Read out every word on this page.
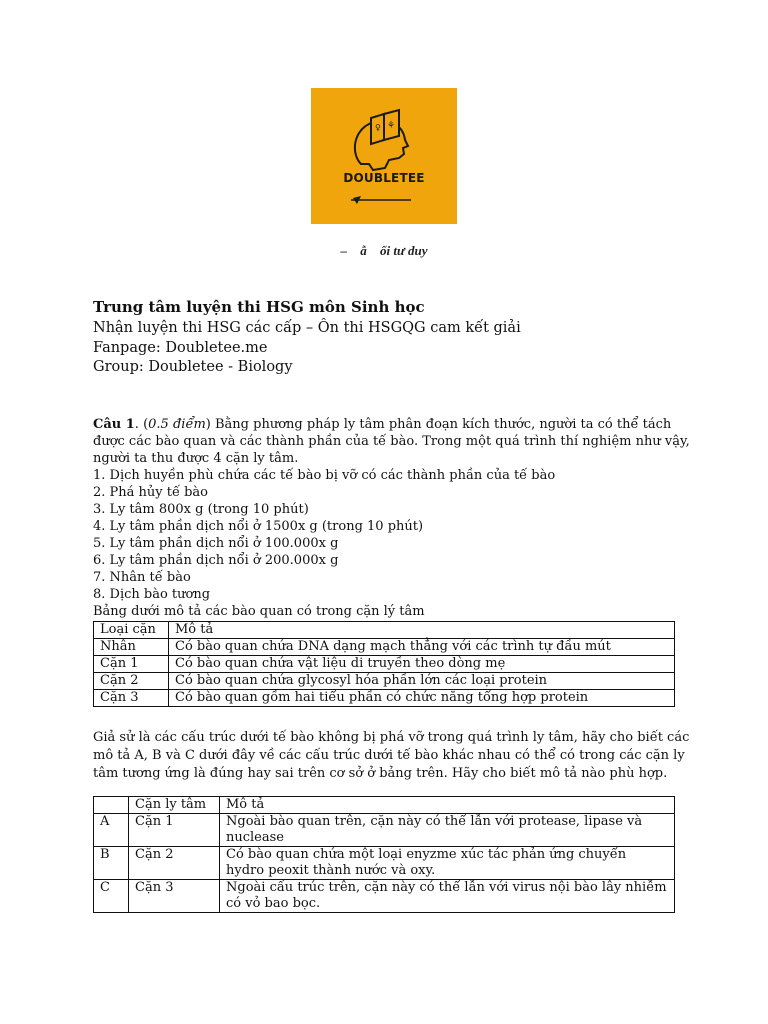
♀ ⚘
DOUBLETEE
– ẫ ối tư duy
Trung tâm luyện thi HSG môn Sinh học
Nhận luyện thi HSG các cấp – Ôn thi HSGQG cam kết giải
Fanpage: Doubletee.me
Group: Doubletee - Biology
Câu 1. (0.5 điểm) Bằng phương pháp ly tâm phân đoạn kích thước, người ta có thể tách
được các bào quan và các thành phần của tế bào. Trong một quá trình thí nghiệm như vậy,
người ta thu được 4 cặn ly tâm.
1. Dịch huyền phù chứa các tế bào bị vỡ có các thành phần của tế bào
2. Phá hủy tế bào
3. Ly tâm 800x g (trong 10 phút)
4. Ly tâm phần dịch nổi ở 1500x g (trong 10 phút)
5. Ly tâm phần dịch nổi ở 100.000x g
6. Ly tâm phần dịch nổi ở 200.000x g
7. Nhân tế bào
8. Dịch bào tương
Bảng dưới mô tả các bào quan có trong cặn lý tâm
Loại cặn	Mô tả
Nhân	Có bào quan chứa DNA dạng mạch thẳng với các trình tự đầu mút
Cặn 1	Có bào quan chứa vật liệu di truyền theo dòng mẹ
Cặn 2	Có bào quan chứa glycosyl hóa phần lớn các loại protein
Cặn 3	Có bào quan gồm hai tiểu phần có chức năng tổng hợp protein
Giả sử là các cấu trúc dưới tế bào không bị phá vỡ trong quá trình ly tâm, hãy cho biết các
mô tả A, B và C dưới đây về các cấu trúc dưới tế bào khác nhau có thể có trong các cặn ly
tâm tương ứng là đúng hay sai trên cơ sở ở bảng trên. Hãy cho biết mô tả nào phù hợp.
	Cặn ly tâm	Mô tả
A	Cặn 1	Ngoài bào quan trên, cặn này có thể lẫn với protease, lipase và nuclease
B	Cặn 2	Có bào quan chứa một loại enyzme xúc tác phản ứng chuyển hydro peoxit thành nước và oxy.
C	Cặn 3	Ngoài cấu trúc trên, cặn này có thể lẫn với virus nội bào lây nhiễm có vỏ bao bọc.
